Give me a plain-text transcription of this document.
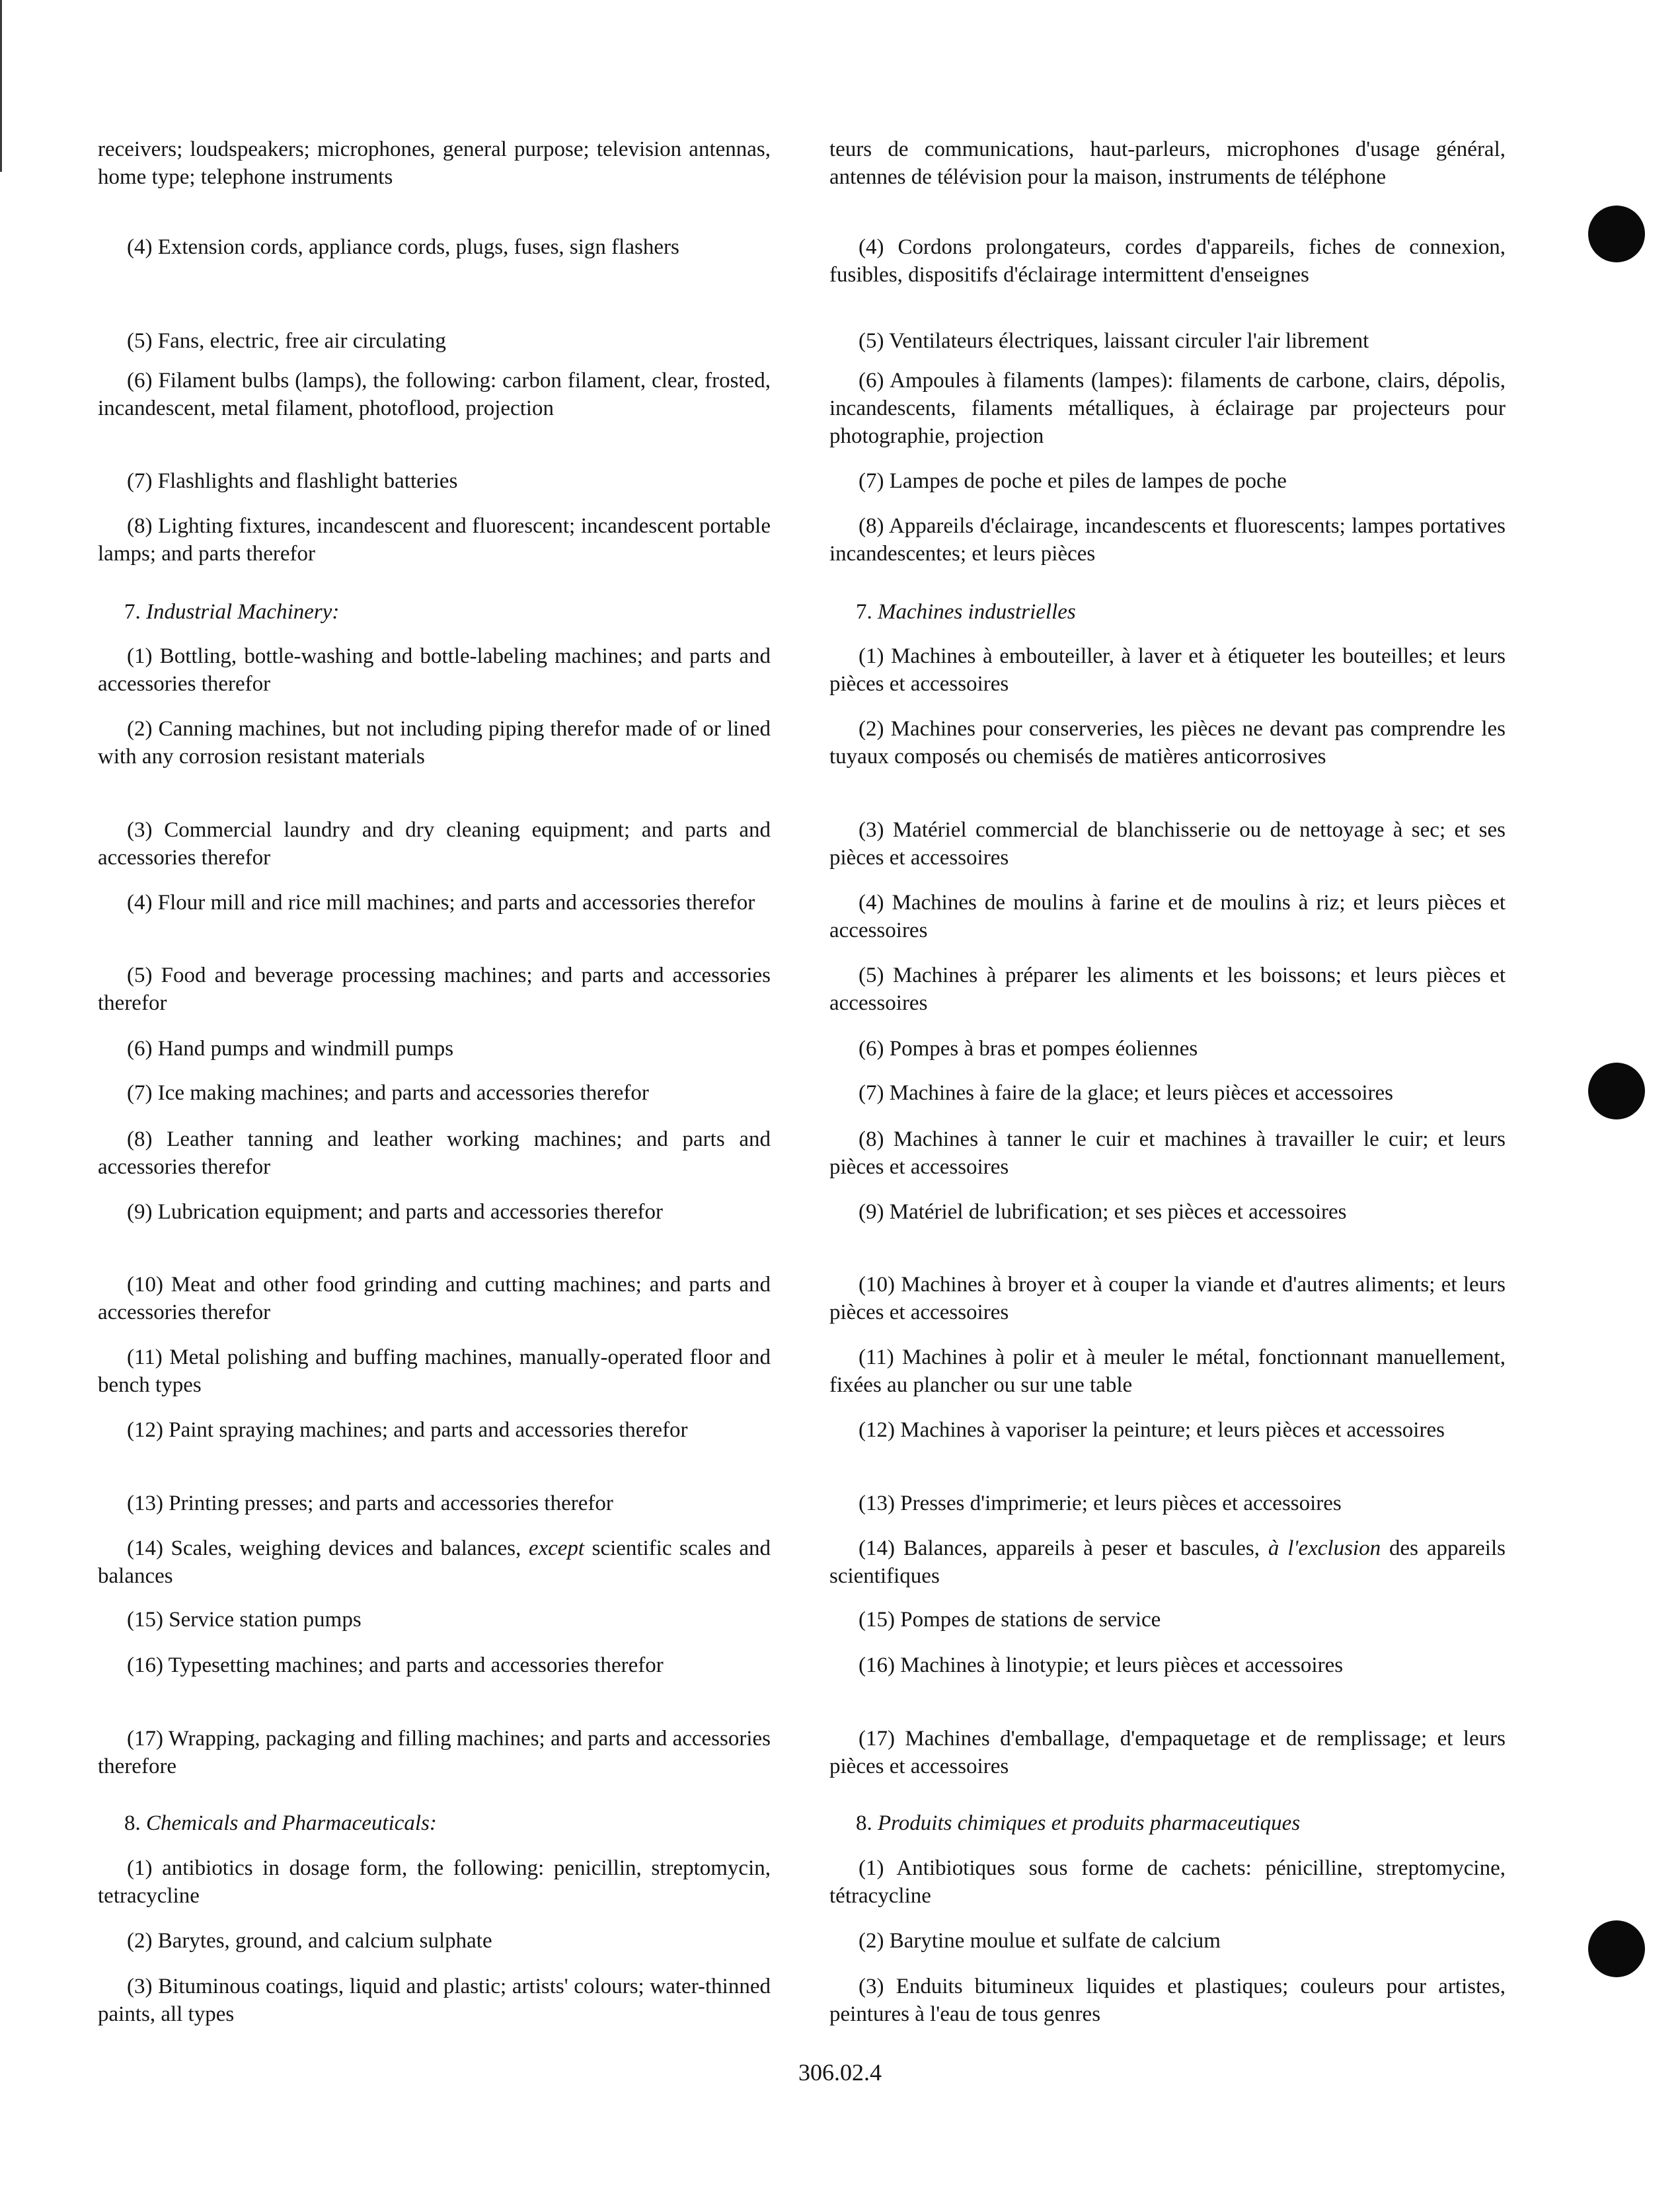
receivers; loudspeakers; microphones, general purpose; television antennas, home type; telephone instruments
(4) Extension cords, appliance cords, plugs, fuses, sign flashers
(5) Fans, electric, free air circulating
(6) Filament bulbs (lamps), the following: carbon filament, clear, frosted, incandescent, metal filament, photoflood, projection
(7) Flashlights and flashlight batteries
(8) Lighting fixtures, incandescent and fluorescent; incandescent portable lamps; and parts therefor
7. Industrial Machinery:
(1) Bottling, bottle-washing and bottle-labeling machines; and parts and accessories therefor
(2) Canning machines, but not including piping therefor made of or lined with any corrosion resistant materials
(3) Commercial laundry and dry cleaning equipment; and parts and accessories therefor
(4) Flour mill and rice mill machines; and parts and accessories therefor
(5) Food and beverage processing machines; and parts and accessories therefor
(6) Hand pumps and windmill pumps
(7) Ice making machines; and parts and accessories therefor
(8) Leather tanning and leather working machines; and parts and accessories therefor
(9) Lubrication equipment; and parts and accessories therefor
(10) Meat and other food grinding and cutting machines; and parts and accessories therefor
(11) Metal polishing and buffing machines, manually-operated floor and bench types
(12) Paint spraying machines; and parts and accessories therefor
(13) Printing presses; and parts and accessories therefor
(14) Scales, weighing devices and balances, except scientific scales and balances
(15) Service station pumps
(16) Typesetting machines; and parts and accessories therefor
(17) Wrapping, packaging and filling machines; and parts and accessories therefore
8. Chemicals and Pharmaceuticals:
(1) antibiotics in dosage form, the following: penicillin, streptomycin, tetracycline
(2) Barytes, ground, and calcium sulphate
(3) Bituminous coatings, liquid and plastic; artists' colours; water-thinned paints, all types
teurs de communications, haut-parleurs, microphones d'usage général, antennes de télévision pour la maison, instruments de téléphone
(4) Cordons prolongateurs, cordes d'appareils, fiches de connexion, fusibles, dispositifs d'éclairage intermittent d'enseignes
(5) Ventilateurs électriques, laissant circuler l'air librement
(6) Ampoules à filaments (lampes): filaments de carbone, clairs, dépolis, incandescents, filaments métalliques, à éclairage par projecteurs pour photographie, projection
(7) Lampes de poche et piles de lampes de poche
(8) Appareils d'éclairage, incandescents et fluorescents; lampes portatives incandescentes; et leurs pièces
7. Machines industrielles
(1) Machines à embouteiller, à laver et à étiqueter les bouteilles; et leurs pièces et accessoires
(2) Machines pour conserveries, les pièces ne devant pas comprendre les tuyaux composés ou chemisés de matières anticorrosives
(3) Matériel commercial de blanchisserie ou de nettoyage à sec; et ses pièces et accessoires
(4) Machines de moulins à farine et de moulins à riz; et leurs pièces et accessoires
(5) Machines à préparer les aliments et les boissons; et leurs pièces et accessoires
(6) Pompes à bras et pompes éoliennes
(7) Machines à faire de la glace; et leurs pièces et accessoires
(8) Machines à tanner le cuir et machines à travailler le cuir; et leurs pièces et accessoires
(9) Matériel de lubrification; et ses pièces et accessoires
(10) Machines à broyer et à couper la viande et d'autres aliments; et leurs pièces et accessoires
(11) Machines à polir et à meuler le métal, fonctionnant manuellement, fixées au plancher ou sur une table
(12) Machines à vaporiser la peinture; et leurs pièces et accessoires
(13) Presses d'imprimerie; et leurs pièces et accessoires
(14) Balances, appareils à peser et bascules, à l'exclusion des appareils scientifiques
(15) Pompes de stations de service
(16) Machines à linotypie; et leurs pièces et accessoires
(17) Machines d'emballage, d'empaquetage et de remplissage; et leurs pièces et accessoires
8. Produits chimiques et produits pharmaceutiques
(1) Antibiotiques sous forme de cachets: pénicilline, streptomycine, tétracycline
(2) Barytine moulue et sulfate de calcium
(3) Enduits bitumineux liquides et plastiques; couleurs pour artistes, peintures à l'eau de tous genres
306.02.4
